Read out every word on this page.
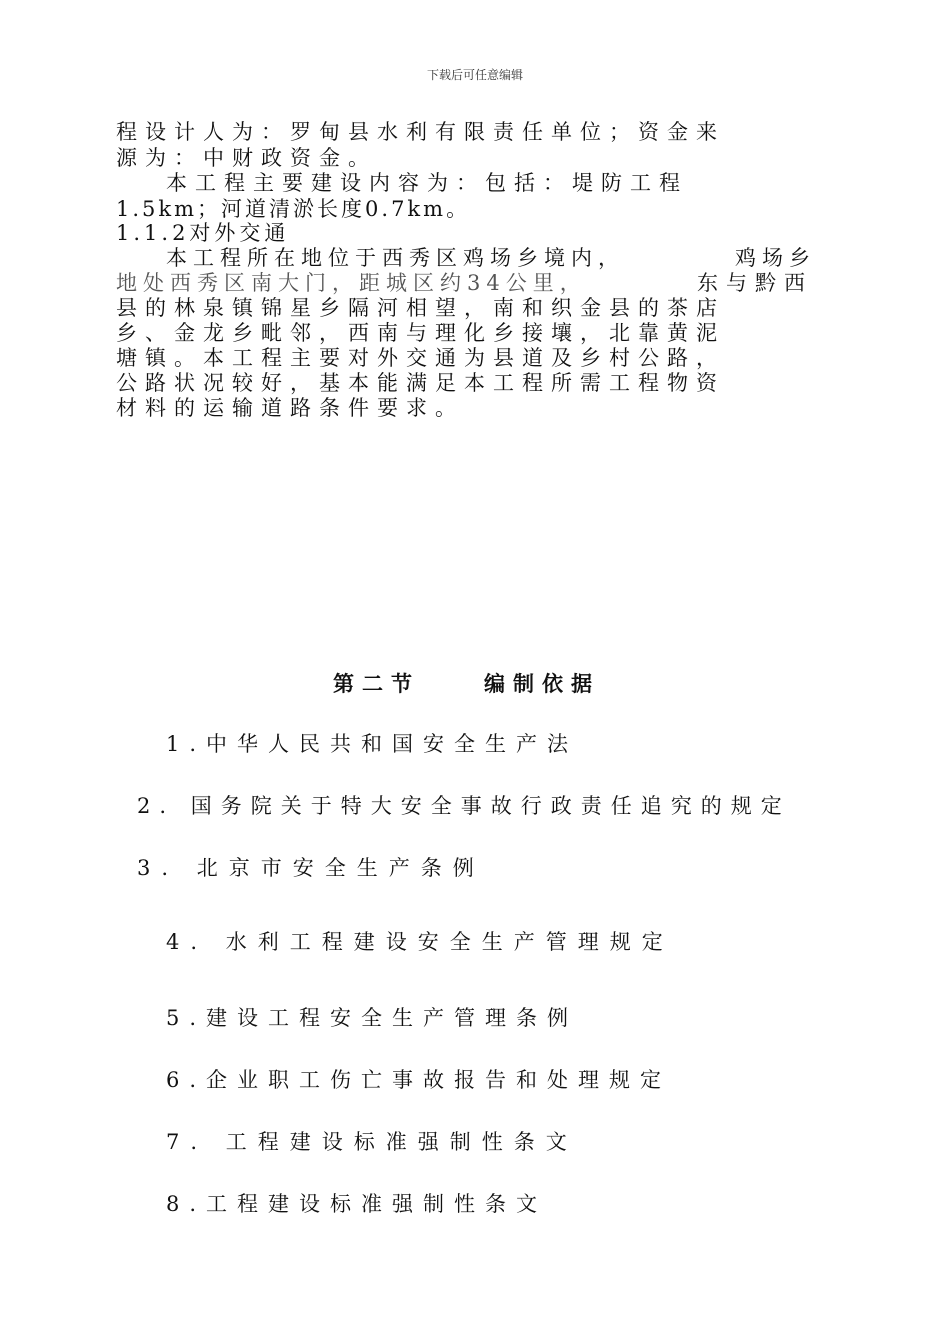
下载后可任意编辑
程设计人为：罗甸县水利有限责任单位；资金来
源为：中财政资金。
本工程主要建设内容为：包括：堤防工程
1.5km；河道清淤长度0.7km。
1.1.2对外交通
本工程所在地位于西秀区鸡场乡境内，	鸡场乡
地处西秀区南大门，距城区约34公里，	东与黔西
县的林泉镇锦星乡隔河相望，南和织金县的茶店
乡、金龙乡毗邻，西南与理化乡接壤，北靠黄泥
塘镇。本工程主要对外交通为县道及乡村公路，
公路状况较好，基本能满足本工程所需工程物资
材料的运输道路条件要求。
第二节	编制依据
1.中华人民共和国安全生产法
2. 国务院关于特大安全事故行政责任追究的规定
3. 北京市安全生产条例
4. 水利工程建设安全生产管理规定
5.建设工程安全生产管理条例
6.企业职工伤亡事故报告和处理规定
7. 工程建设标准强制性条文
8.工程建设标准强制性条文
